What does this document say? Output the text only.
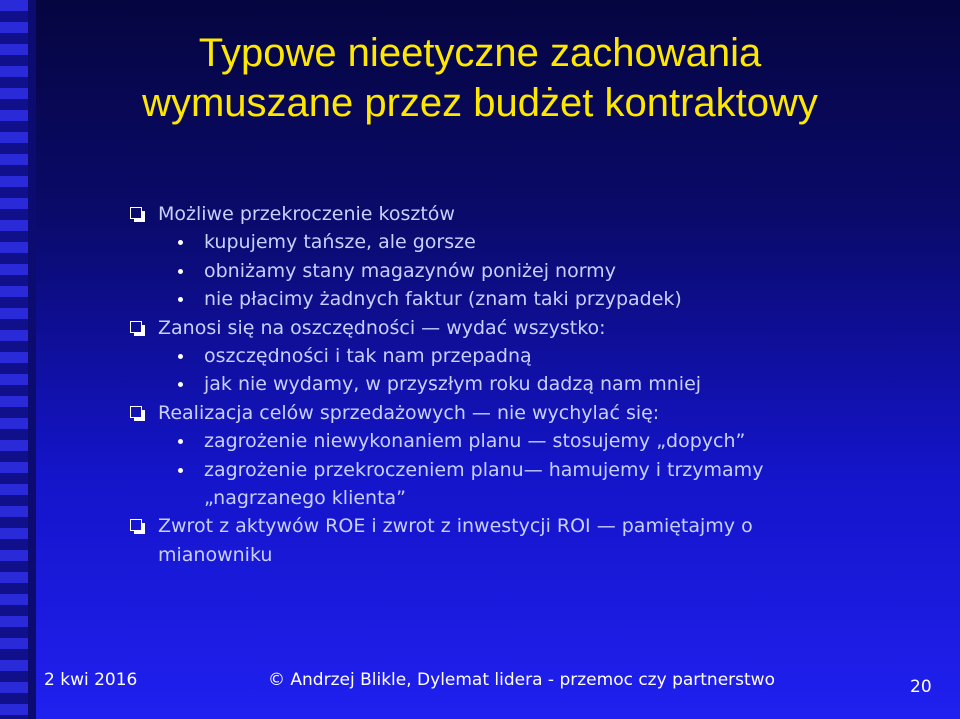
Typowe nieetyczne zachowania
wymuszane przez budżet kontraktowy
Możliwe przekroczenie kosztów
kupujemy tańsze, ale gorsze
obniżamy stany magazynów poniżej normy
nie płacimy żadnych faktur (znam taki przypadek)
Zanosi się na oszczędności — wydać wszystko:
oszczędności i tak nam przepadną
jak nie wydamy, w przyszłym roku dadzą nam mniej
Realizacja celów sprzedażowych — nie wychylać się:
zagrożenie niewykonaniem planu — stosujemy „dopych”
zagrożenie przekroczeniem planu— hamujemy i trzymamy
„nagrzanego klienta”
Zwrot z aktywów ROE i zwrot z inwestycji ROI — pamiętajmy o
mianowniku
2 kwi 2016	© Andrzej Blikle, Dylemat lidera - przemoc czy partnerstwo	20
